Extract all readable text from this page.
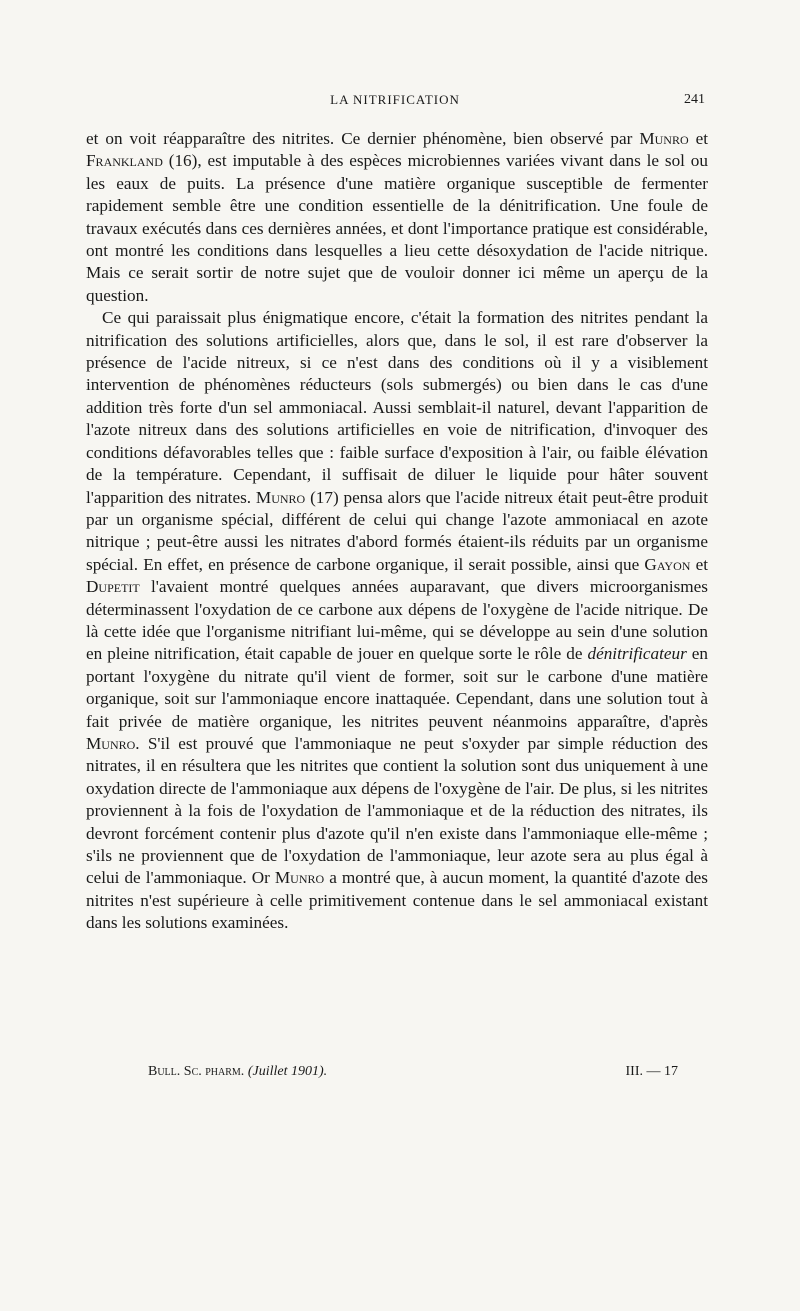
LA NITRIFICATION	241

et on voit réapparaître des nitrites. Ce dernier phénomène, bien observé par Munro et Frankland (16), est imputable à des espèces microbiennes variées vivant dans le sol ou les eaux de puits. La présence d'une matière organique susceptible de fermenter rapidement semble être une condition essentielle de la dénitrification. Une foule de travaux exécutés dans ces dernières années, et dont l'importance pratique est considérable, ont montré les conditions dans lesquelles a lieu cette désoxydation de l'acide nitrique. Mais ce serait sortir de notre sujet que de vouloir donner ici même un aperçu de la question.

Ce qui paraissait plus énigmatique encore, c'était la formation des nitrites pendant la nitrification des solutions artificielles, alors que, dans le sol, il est rare d'observer la présence de l'acide nitreux, si ce n'est dans des conditions où il y a visiblement intervention de phénomènes réducteurs (sols submergés) ou bien dans le cas d'une addition très forte d'un sel ammoniacal. Aussi semblait-il naturel, devant l'apparition de l'azote nitreux dans des solutions artificielles en voie de nitrification, d'invoquer des conditions défavorables telles que : faible surface d'exposition à l'air, ou faible élévation de la température. Cependant, il suffisait de diluer le liquide pour hâter souvent l'apparition des nitrates. Munro (17) pensa alors que l'acide nitreux était peut-être produit par un organisme spécial, différent de celui qui change l'azote ammoniacal en azote nitrique ; peut-être aussi les nitrates d'abord formés étaient-ils réduits par un organisme spécial. En effet, en présence de carbone organique, il serait possible, ainsi que Gayon et Dupetit l'avaient montré quelques années auparavant, que divers microorganismes déterminassent l'oxydation de ce carbone aux dépens de l'oxygène de l'acide nitrique. De là cette idée que l'organisme nitrifiant lui-même, qui se développe au sein d'une solution en pleine nitrification, était capable de jouer en quelque sorte le rôle de dénitrificateur en portant l'oxygène du nitrate qu'il vient de former, soit sur le carbone d'une matière organique, soit sur l'ammoniaque encore inattaquée. Cependant, dans une solution tout à fait privée de matière organique, les nitrites peuvent néanmoins apparaître, d'après Munro. S'il est prouvé que l'ammoniaque ne peut s'oxyder par simple réduction des nitrates, il en résultera que les nitrites que contient la solution sont dus uniquement à une oxydation directe de l'ammoniaque aux dépens de l'oxygène de l'air. De plus, si les nitrites proviennent à la fois de l'oxydation de l'ammoniaque et de la réduction des nitrates, ils devront forcément contenir plus d'azote qu'il n'en existe dans l'ammoniaque elle-même ; s'ils ne proviennent que de l'oxydation de l'ammoniaque, leur azote sera au plus égal à celui de l'ammoniaque. Or Munro a montré que, à aucun moment, la quantité d'azote des nitrites n'est supérieure à celle primitivement contenue dans le sel ammoniacal existant dans les solutions examinées.

Bull. Sc. pharm. (Juillet 1901).	III. — 17
